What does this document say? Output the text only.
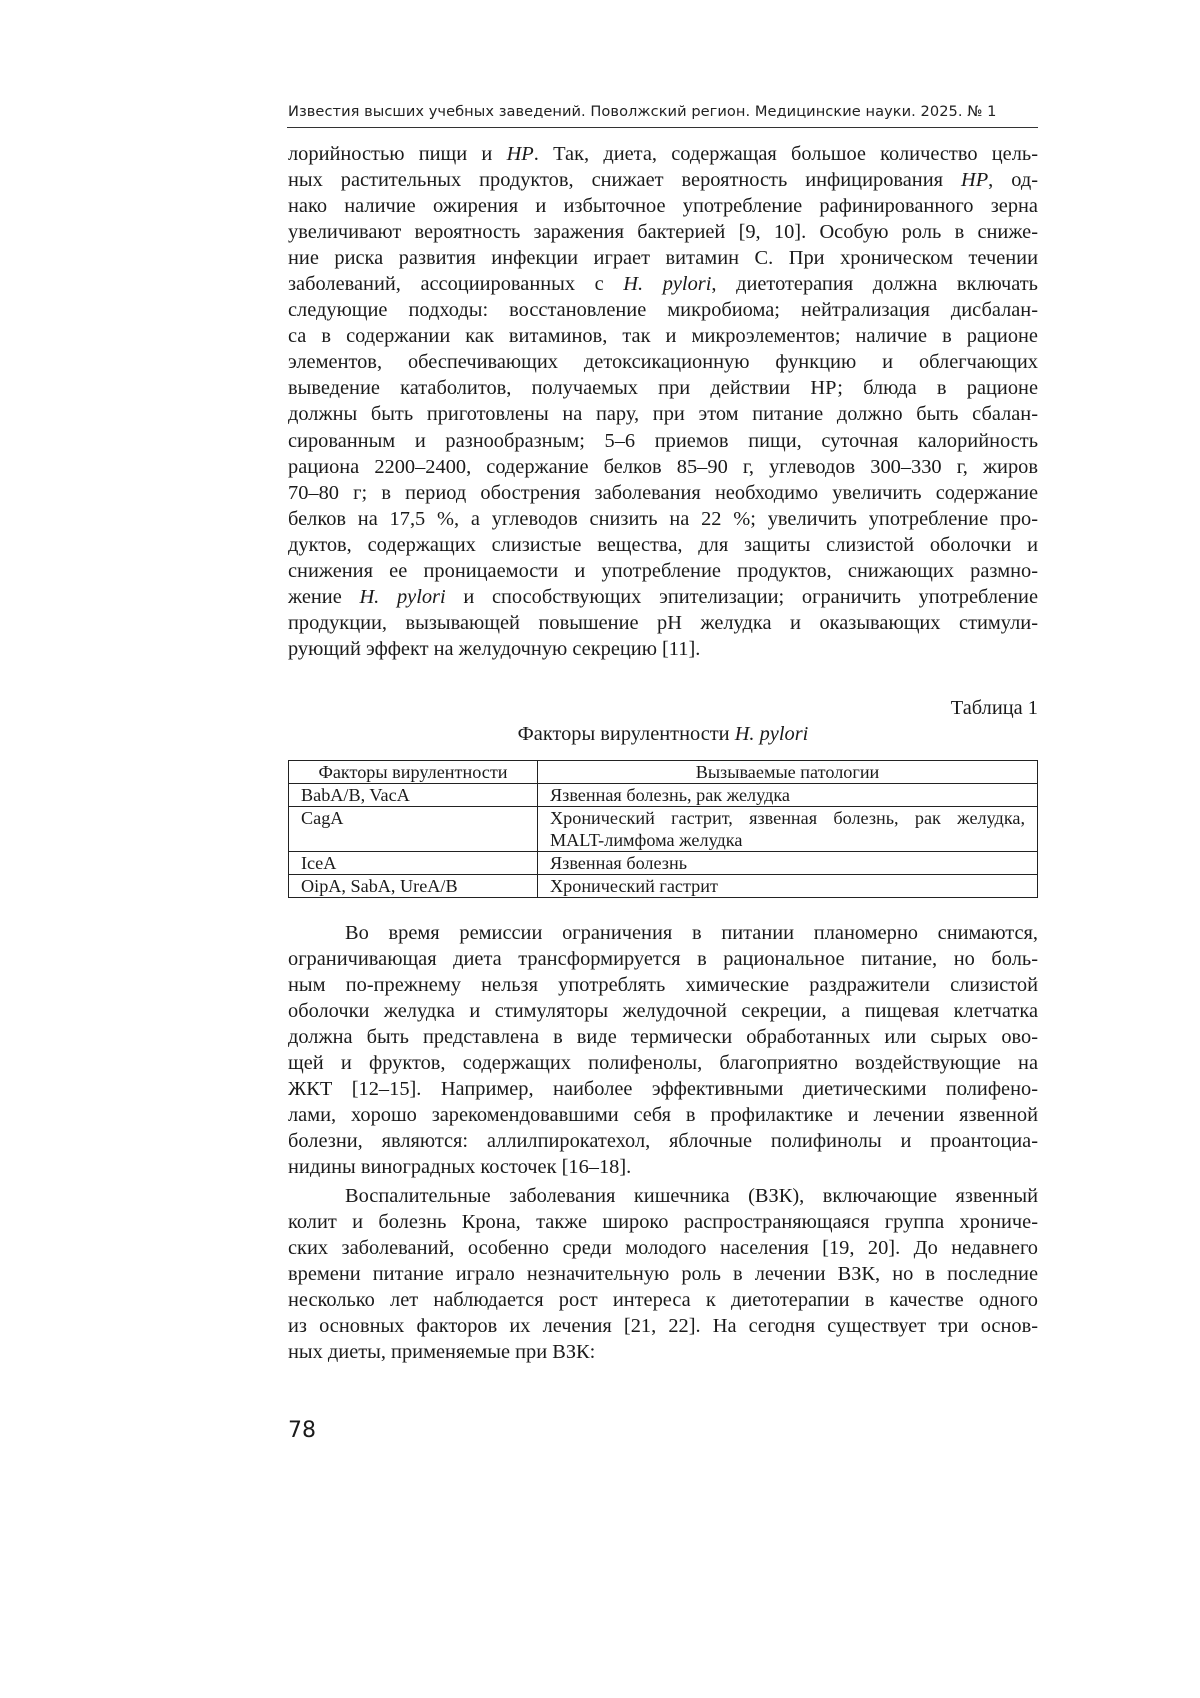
Известия высших учебных заведений. Поволжский регион. Медицинские науки. 2025. № 1
лорийностью пищи и HP. Так, диета, содержащая большое количество цель-
ных растительных продуктов, снижает вероятность инфицирования HP, од-
нако наличие ожирения и избыточное употребление рафинированного зерна
увеличивают вероятность заражения бактерией [9, 10]. Особую роль в сниже-
ние риска развития инфекции играет витамин С. При хроническом течении
заболеваний, ассоциированных с H. pylori, диетотерапия должна включать
следующие подходы: восстановление микробиома; нейтрализация дисбалан-
са в содержании как витаминов, так и микроэлементов; наличие в рационе
элементов, обеспечивающих детоксикационную функцию и облегчающих
выведение катаболитов, получаемых при действии НР; блюда в рационе
должны быть приготовлены на пару, при этом питание должно быть сбалан-
сированным и разнообразным; 5–6 приемов пищи, суточная калорийность
рациона 2200–2400, содержание белков 85–90 г, углеводов 300–330 г, жиров
70–80 г; в период обострения заболевания необходимо увеличить содержание
белков на 17,5 %, а углеводов снизить на 22 %; увеличить употребление про-
дуктов, содержащих слизистые вещества, для защиты слизистой оболочки и
снижения ее проницаемости и употребление продуктов, снижающих размно-
жение H. pylori и способствующих эпителизации; ограничить употребление
продукции, вызывающей повышение рН желудка и оказывающих стимули-
рующий эффект на желудочную секрецию [11].
Таблица 1
Факторы вирулентности H. pylori
Факторы вирулентности	Вызываемые патологии
BabA/B, VacA	Язвенная болезнь, рак желудка
CagA	Хронический гастрит, язвенная болезнь, рак желудка, MALT-лимфома желудка
IceA	Язвенная болезнь
OipA, SabA, UreA/B	Хронический гастрит
Во время ремиссии ограничения в питании планомерно снимаются,
ограничивающая диета трансформируется в рациональное питание, но боль-
ным по-прежнему нельзя употреблять химические раздражители слизистой
оболочки желудка и стимуляторы желудочной секреции, а пищевая клетчатка
должна быть представлена в виде термически обработанных или сырых ово-
щей и фруктов, содержащих полифенолы, благоприятно воздействующие на
ЖКТ [12–15]. Например, наиболее эффективными диетическими полифено-
лами, хорошо зарекомендовавшими себя в профилактике и лечении язвенной
болезни, являются: аллилпирокатехол, яблочные полифинолы и проантоциа-
нидины виноградных косточек [16–18].
Воспалительные заболевания кишечника (ВЗК), включающие язвенный
колит и болезнь Крона, также широко распространяющаяся группа хрониче-
ских заболеваний, особенно среди молодого населения [19, 20]. До недавнего
времени питание играло незначительную роль в лечении ВЗК, но в последние
несколько лет наблюдается рост интереса к диетотерапии в качестве одного
из основных факторов их лечения [21, 22]. На сегодня существует три основ-
ных диеты, применяемые при ВЗК:
78
